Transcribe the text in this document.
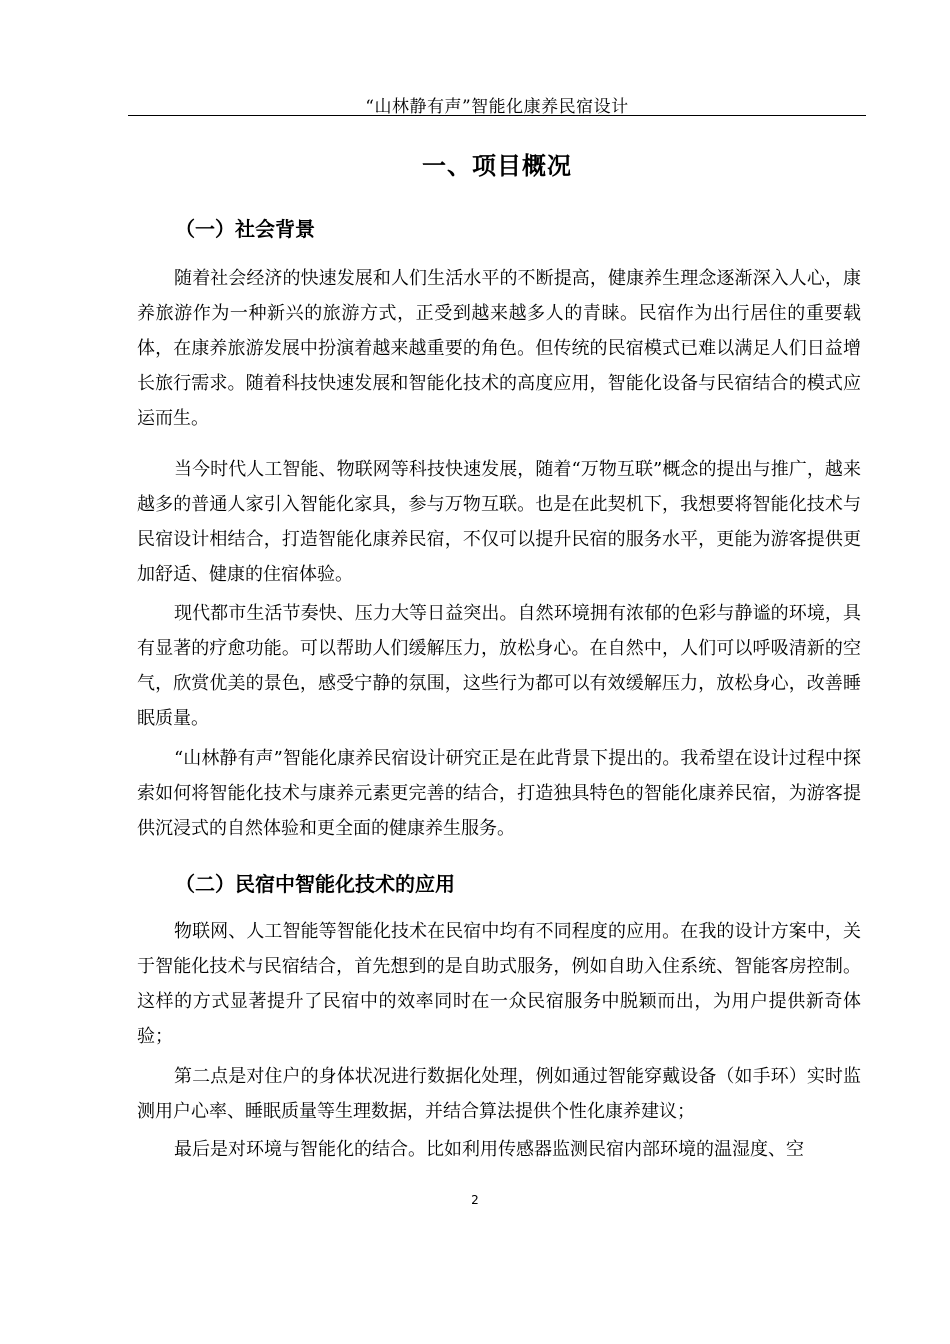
“山林静有声”智能化康养民宿设计
一、项目概况
（一）社会背景

随着社会经济的快速发展和人们生活水平的不断提高，健康养生理念逐渐深入人心，康养旅游作为一种新兴的旅游方式，正受到越来越多人的青睐。民宿作为出行居住的重要载体，在康养旅游发展中扮演着越来越重要的角色。但传统的民宿模式已难以满足人们日益增长旅行需求。随着科技快速发展和智能化技术的高度应用，智能化设备与民宿结合的模式应运而生。

当今时代人工智能、物联网等科技快速发展，随着“万物互联”概念的提出与推广，越来越多的普通人家引入智能化家具，参与万物互联。也是在此契机下，我想要将智能化技术与民宿设计相结合，打造智能化康养民宿，不仅可以提升民宿的服务水平，更能为游客提供更加舒适、健康的住宿体验。

现代都市生活节奏快、压力大等日益突出。自然环境拥有浓郁的色彩与静谧的环境，具有显著的疗愈功能。可以帮助人们缓解压力，放松身心。在自然中，人们可以呼吸清新的空气，欣赏优美的景色，感受宁静的氛围，这些行为都可以有效缓解压力，放松身心，改善睡眠质量。

“山林静有声”智能化康养民宿设计研究正是在此背景下提出的。我希望在设计过程中探索如何将智能化技术与康养元素更完善的结合，打造独具特色的智能化康养民宿，为游客提供沉浸式的自然体验和更全面的健康养生服务。

（二）民宿中智能化技术的应用

物联网、人工智能等智能化技术在民宿中均有不同程度的应用。在我的设计方案中，关于智能化技术与民宿结合，首先想到的是自助式服务，例如自助入住系统、智能客房控制。这样的方式显著提升了民宿中的效率同时在一众民宿服务中脱颖而出，为用户提供新奇体验；

第二点是对住户的身体状况进行数据化处理，例如通过智能穿戴设备（如手环）实时监测用户心率、睡眠质量等生理数据，并结合算法提供个性化康养建议；

最后是对环境与智能化的结合。比如利用传感器监测民宿内部环境的温湿度、空

2
